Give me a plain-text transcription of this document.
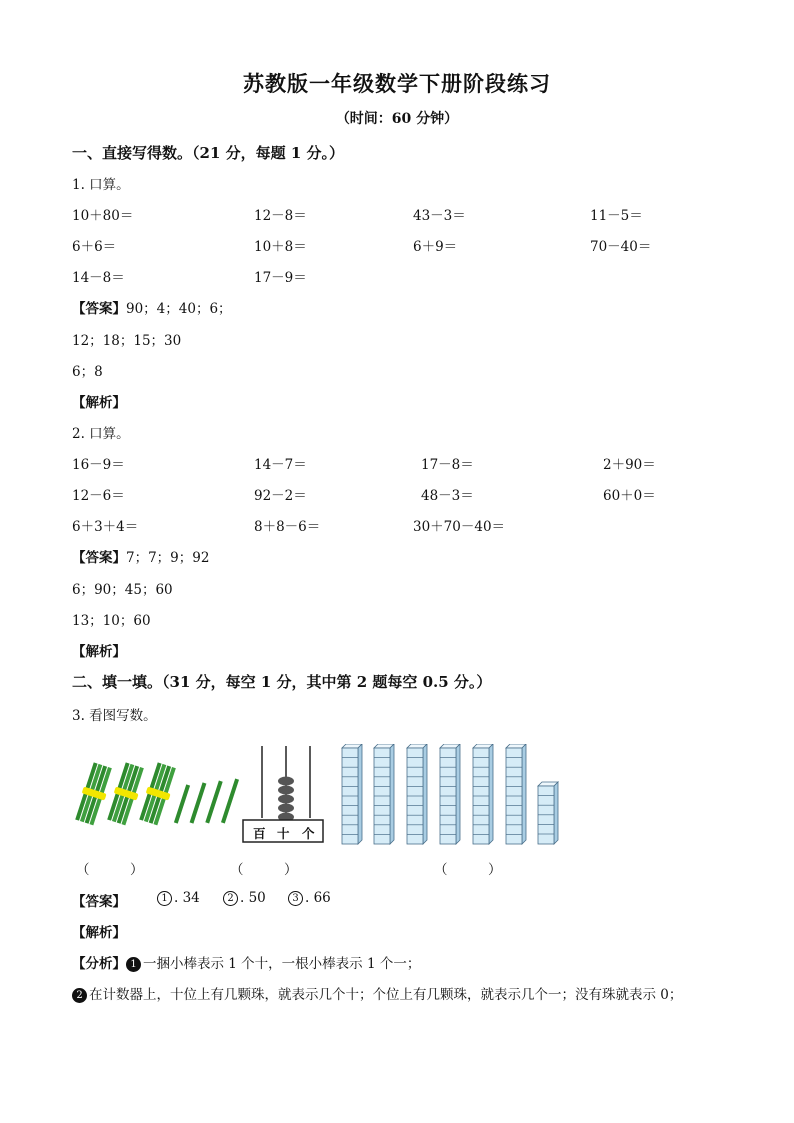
苏教版一年级数学下册阶段练习
（时间：60 分钟）
一、直接写得数。（21 分，每题 1 分。）
1. 口算。
10＋80＝	12－8＝	43－3＝	11－5＝
6＋6＝	10＋8＝	6＋9＝	70－40＝
14－8＝	17－9＝
【答案】90；4；40；6；
12；18；15；30
6；8
【解析】
2. 口算。
16－9＝	14－7＝	17－8＝	2＋90＝
12－6＝	92－2＝	48－3＝	60＋0＝
6＋3＋4＝	8＋8－6＝	30＋70－40＝
【答案】7；7；9；92
6；90；45；60
13；10；60
【解析】
二、填一填。（31 分，每空 1 分，其中第 2 题每空 0.5 分。）
3. 看图写数。
百 十 个
（　　　）	（　　　）	（　　　）
【答案】	1 . 34	2 . 50	3 . 66
【解析】
【分析】 1 一捆小棒表示 1 个十，一根小棒表示 1 个一；
2 在计数器上，十位上有几颗珠，就表示几个十；个位上有几颗珠，就表示几个一；没有珠就表示 0；
